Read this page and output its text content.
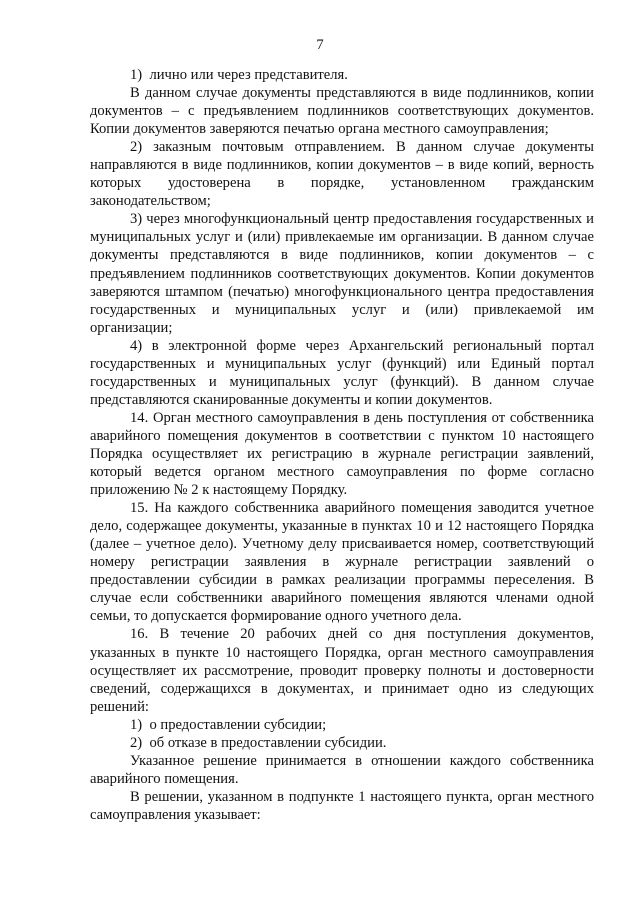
7

1)  лично или через представителя.

В данном случае документы представляются в виде подлинников, копии документов – с предъявлением подлинников соответствующих документов. Копии документов заверяются печатью органа местного самоуправления;

2) заказным почтовым отправлением. В данном случае документы направляются в виде подлинников, копии документов – в виде копий, верность которых удостоверена в порядке, установленном гражданским законодательством;

3) через многофункциональный центр предоставления государственных и муниципальных услуг и (или) привлекаемые им организации. В данном случае документы представляются в виде подлинников, копии документов – с предъявлением подлинников соответствующих документов. Копии документов заверяются штампом (печатью) многофункционального центра предоставления государственных и муниципальных услуг и (или) привлекаемой им организации;

4) в электронной форме через Архангельский региональный портал государственных и муниципальных услуг (функций) или Единый портал государственных и муниципальных услуг (функций). В данном случае представляются сканированные документы и копии документов.

14. Орган местного самоуправления в день поступления от собственника аварийного помещения документов в соответствии с пунктом 10 настоящего Порядка осуществляет их регистрацию в журнале регистрации заявлений, который ведется органом местного самоуправления по форме согласно приложению № 2 к настоящему Порядку.

15. На каждого собственника аварийного помещения заводится учетное дело, содержащее документы, указанные в пунктах 10 и 12 настоящего Порядка (далее – учетное дело). Учетному делу присваивается номер, соответствующий номеру регистрации заявления в журнале регистрации заявлений о предоставлении субсидии в рамках реализации программы переселения. В случае если собственники аварийного помещения являются членами одной семьи, то допускается формирование одного учетного дела.

16. В течение 20 рабочих дней со дня поступления документов, указанных в пункте 10 настоящего Порядка, орган местного самоуправления осуществляет их рассмотрение, проводит проверку полноты и достоверности сведений, содержащихся в документах, и принимает одно из следующих решений:

1)  о предоставлении субсидии;

2)  об отказе в предоставлении субсидии.

Указанное решение принимается в отношении каждого собственника аварийного помещения.

В решении, указанном в подпункте 1 настоящего пункта, орган местного самоуправления указывает:
